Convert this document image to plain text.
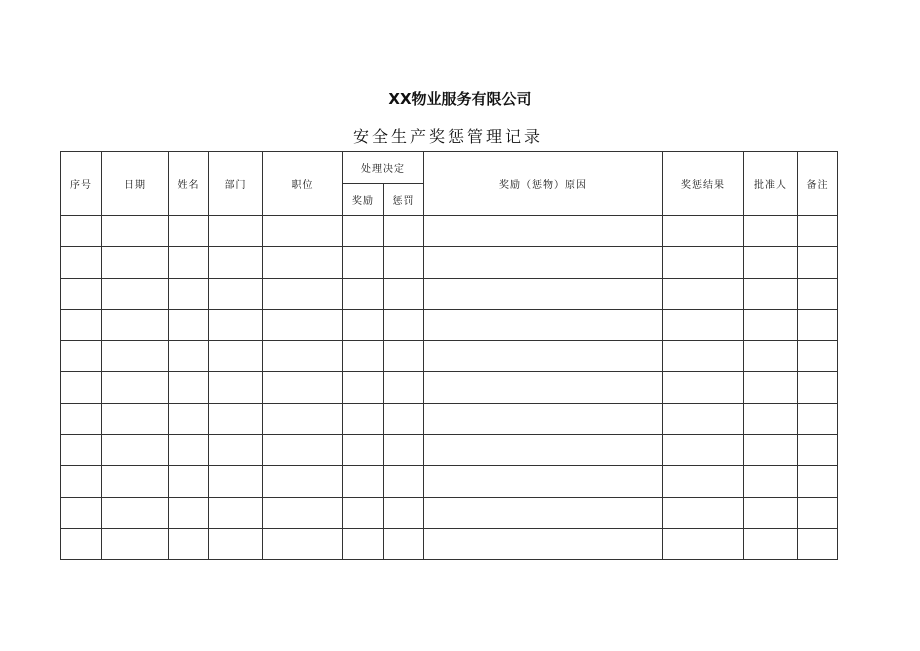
XX物业服务有限公司
安全生产奖惩管理记录
序号	日期	姓名	部门	职位	处理决定		奖励（惩物）原因	奖惩结果	批准人	备注
					奖励	惩罚				
